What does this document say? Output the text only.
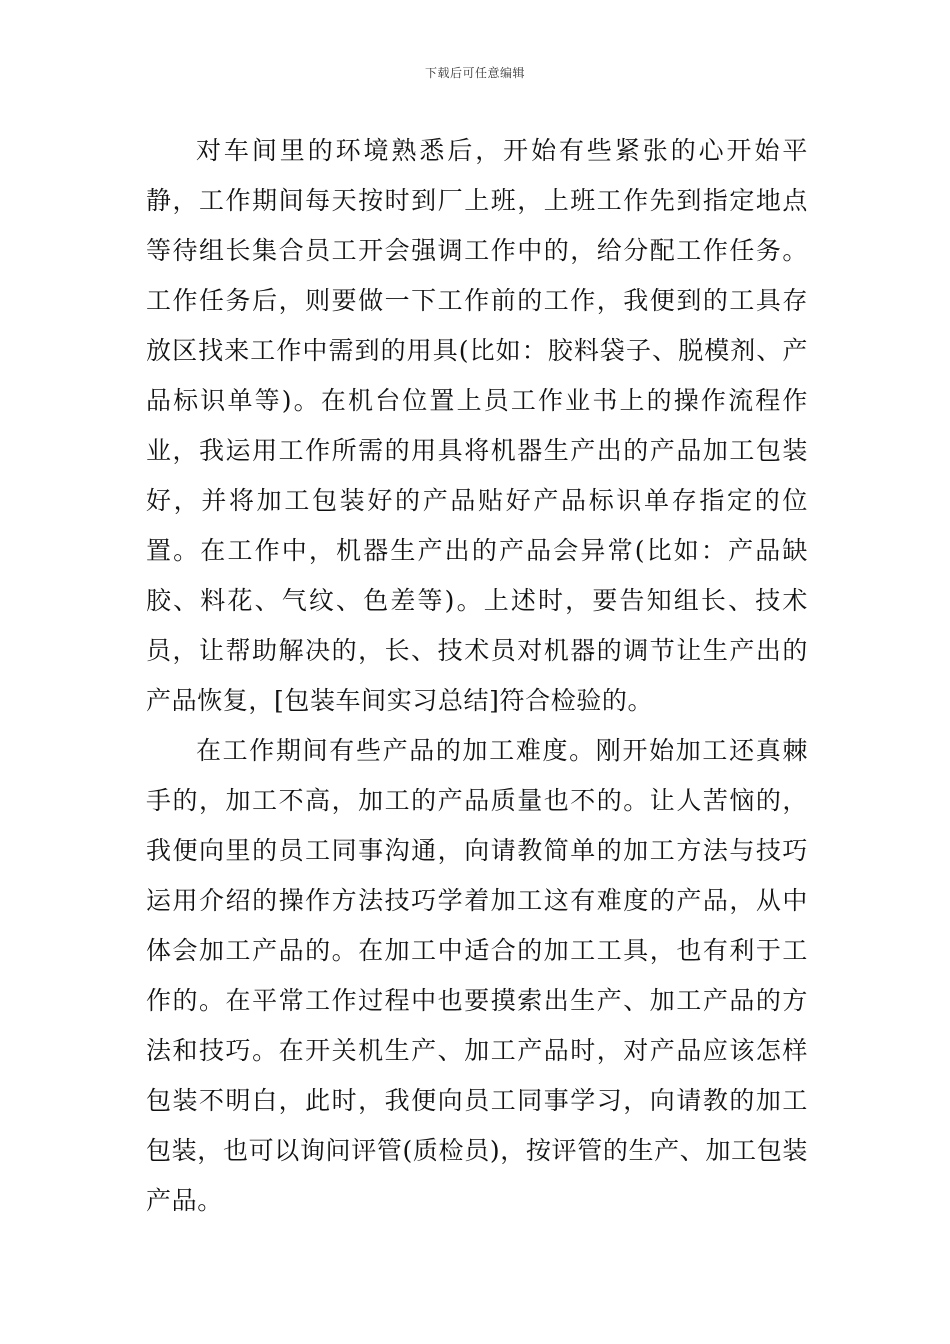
下载后可任意编辑

对车间里的环境熟悉后，开始有些紧张的心开始平静，工作期间每天按时到厂上班，上班工作先到指定地点等待组长集合员工开会强调工作中的，给分配工作任务。工作任务后，则要做一下工作前的工作，我便到的工具存放区找来工作中需到的用具(比如：胶料袋子、脱模剂、产品标识单等)。在机台位置上员工作业书上的操作流程作业，我运用工作所需的用具将机器生产出的产品加工包装好，并将加工包装好的产品贴好产品标识单存指定的位置。在工作中，机器生产出的产品会异常(比如：产品缺胶、料花、气纹、色差等)。上述时，要告知组长、技术员，让帮助解决的，长、技术员对机器的调节让生产出的产品恢复，[包装车间实习总结]符合检验的。

在工作期间有些产品的加工难度。刚开始加工还真棘手的，加工不高，加工的产品质量也不的。让人苦恼的，我便向里的员工同事沟通，向请教简单的加工方法与技巧运用介绍的操作方法技巧学着加工这有难度的产品，从中体会加工产品的。在加工中适合的加工工具，也有利于工作的。在平常工作过程中也要摸索出生产、加工产品的方法和技巧。在开关机生产、加工产品时，对产品应该怎样包装不明白，此时，我便向员工同事学习，向请教的加工包装，也可以询问评管(质检员)，按评管的生产、加工包装产品。
